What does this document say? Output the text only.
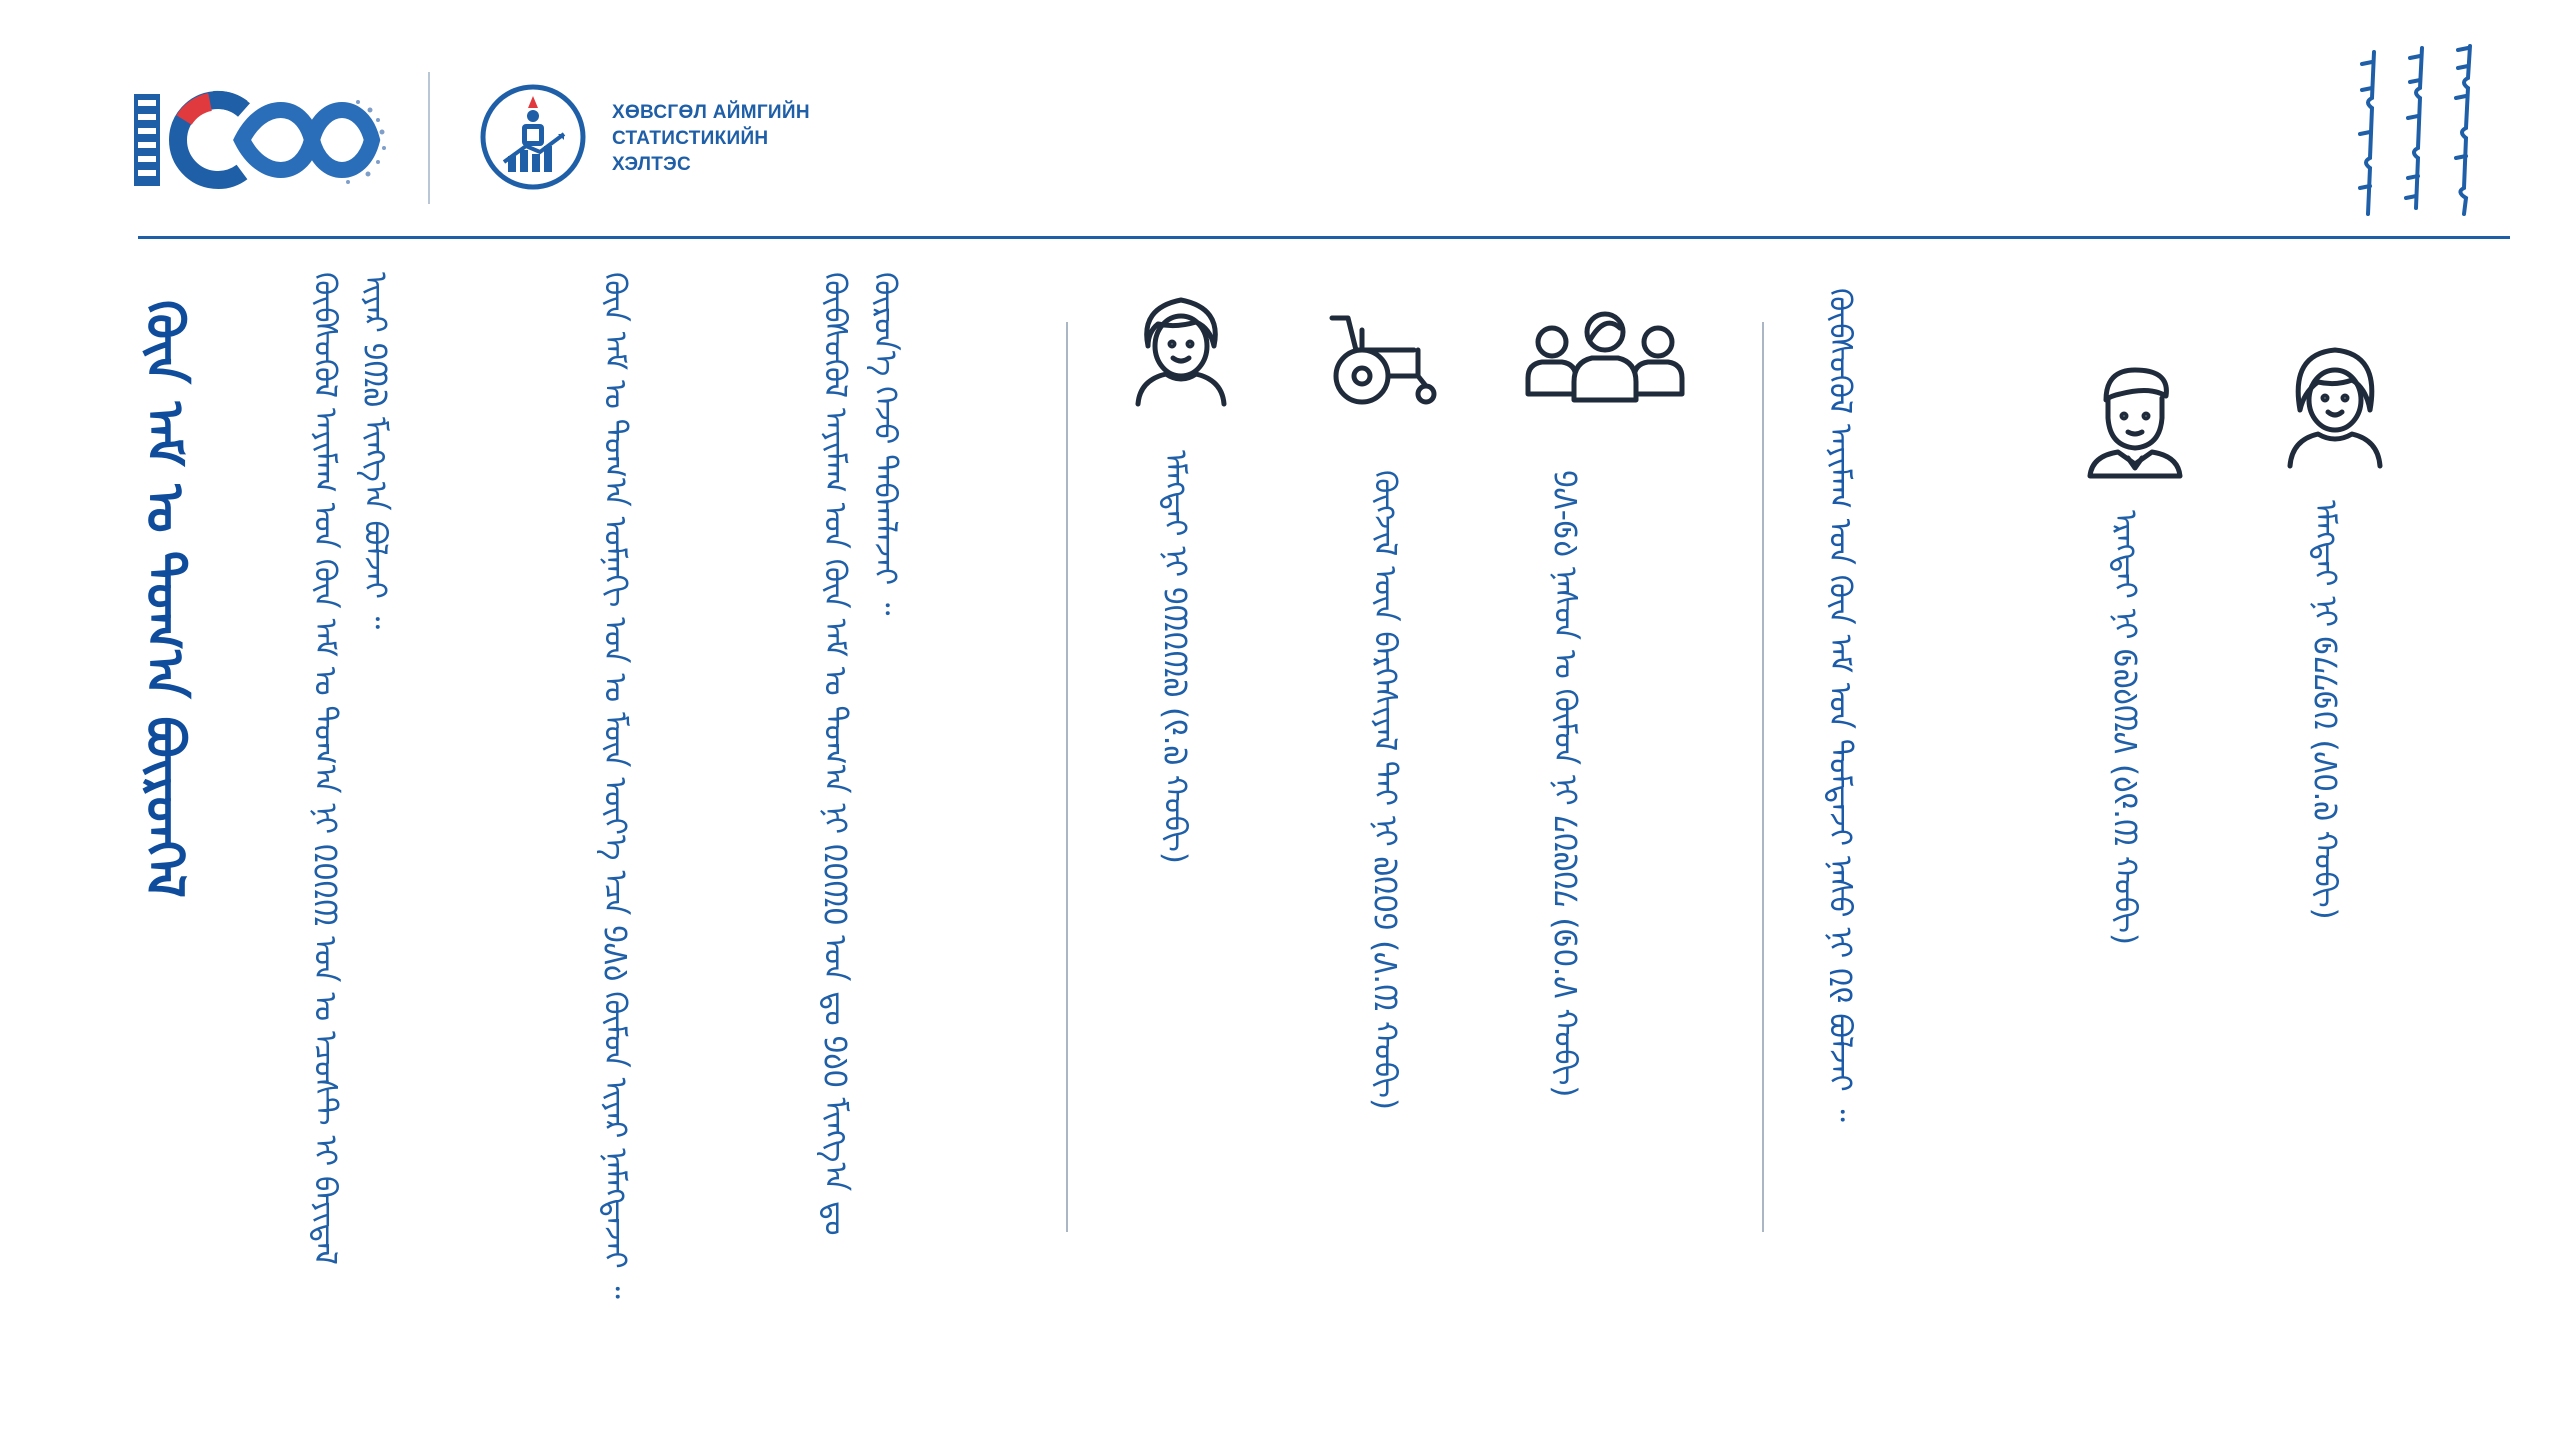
ХӨВСГӨЛ АЙМГИЙН
СТАТИСТИКИЙН
ХЭЛТЭС
ᠬᠦᠨ ᠠᠮ ᠤ ᠲᠣᠭ᠎ᠠ ᠪᠦᠷᠳᠬᠡᠯ	ᠬᠥᠪᠰᠦᠭᠦᠯ ᠠᠶᠢᠮᠠᠭ ᠤᠨ ᠬᠦᠨ ᠠᠮ ᠤ ᠲᠣᠭ᠎ᠠ ᠨᠢ ᠒᠐᠒᠓ ᠣᠨ ᠤ ᠡᠴᠦᠰᠲ ᠡᠢ ᠪᠠᠶᠢᠳᠠᠯ ᠢᠶᠠᠷ ᠑᠓᠗ ᠮᠢᠩᠭ᠎ᠠ ᠪᠣᠯᠵᠠᠢ ᠃	ᠬᠦᠨ ᠠᠮ ᠤ ᠲᠣᠭ᠎ᠠ ᠤᠮᠨᠠᠬᠢ ᠣᠨ ᠤ ᠮᠥᠨ ᠦᠶ᠎ᠡ ᠡᠴᠡ ᠑᠕᠔ ᠬᠦᠮᠦᠨ ᠢᠶᠡᠷ ᠨᠡᠮᠡᠭᠳᠡᠵᠡᠢ ᠃	ᠬᠥᠪᠰᠦᠭᠦᠯ ᠠᠶᠢᠮᠠᠭ ᠤᠨ ᠬᠦᠨ ᠠᠮ ᠤ ᠲᠣᠭ᠎ᠠ ᠨᠢ ᠒᠐᠓᠐ ᠣᠨ ᠳᠤ ᠑᠔᠐ ᠮᠢᠩᠭ᠎ᠠ ᠳᠤ ᠬᠦᠷᠦᠨ᠎ᠡ ᠭᠡᠵᠦ ᠲᠠᠪᠠᠭᠯᠠᠵᠠᠢ ᠃
ᠡᠮᠡᠭᠲᠡᠢ ᠨᠢ ᠑᠓᠒᠓᠗ (᠙.᠗ ᠬᠤᠪᠢ)	ᠬᠥᠭᠵᠢᠯ ᠦᠨ ᠪᠡᠷᠬᠡᠰᠢᠶᠡᠯ ᠲᠡᠢ ᠨᠢ ᠗᠒᠐᠑ (᠕.᠓ ᠬᠤᠪᠢ)	᠑᠕-᠖᠔ ᠨᠠᠰᠤᠨ ᠤ ᠬᠦᠮᠦᠨ ᠨᠢ ᠘᠒᠗᠒᠘ (᠖᠐.᠕ ᠬᠤᠪᠢ)	ᠬᠥᠪᠰᠦᠭᠦᠯ ᠠᠶᠢᠮᠠᠭ ᠤᠨ ᠬᠦᠨ ᠠᠮ ᠤᠨ ᠳᠤᠮᠳᠠᠵᠢ ᠨᠠᠰᠤ ᠨᠢ ᠒᠙ ᠪᠣᠯᠵᠠᠢ ᠃	ᠡᠷᠡᠭᠲᠡᠢ ᠨᠢ ᠖᠗᠔᠓᠕ (᠔᠙.᠓ ᠬᠤᠪᠢ)	ᠡᠮᠡᠭᠲᠡᠢ ᠨᠢ ᠖᠘᠘᠖᠒ (᠕᠐.᠗ ᠬᠤᠪᠢ)
